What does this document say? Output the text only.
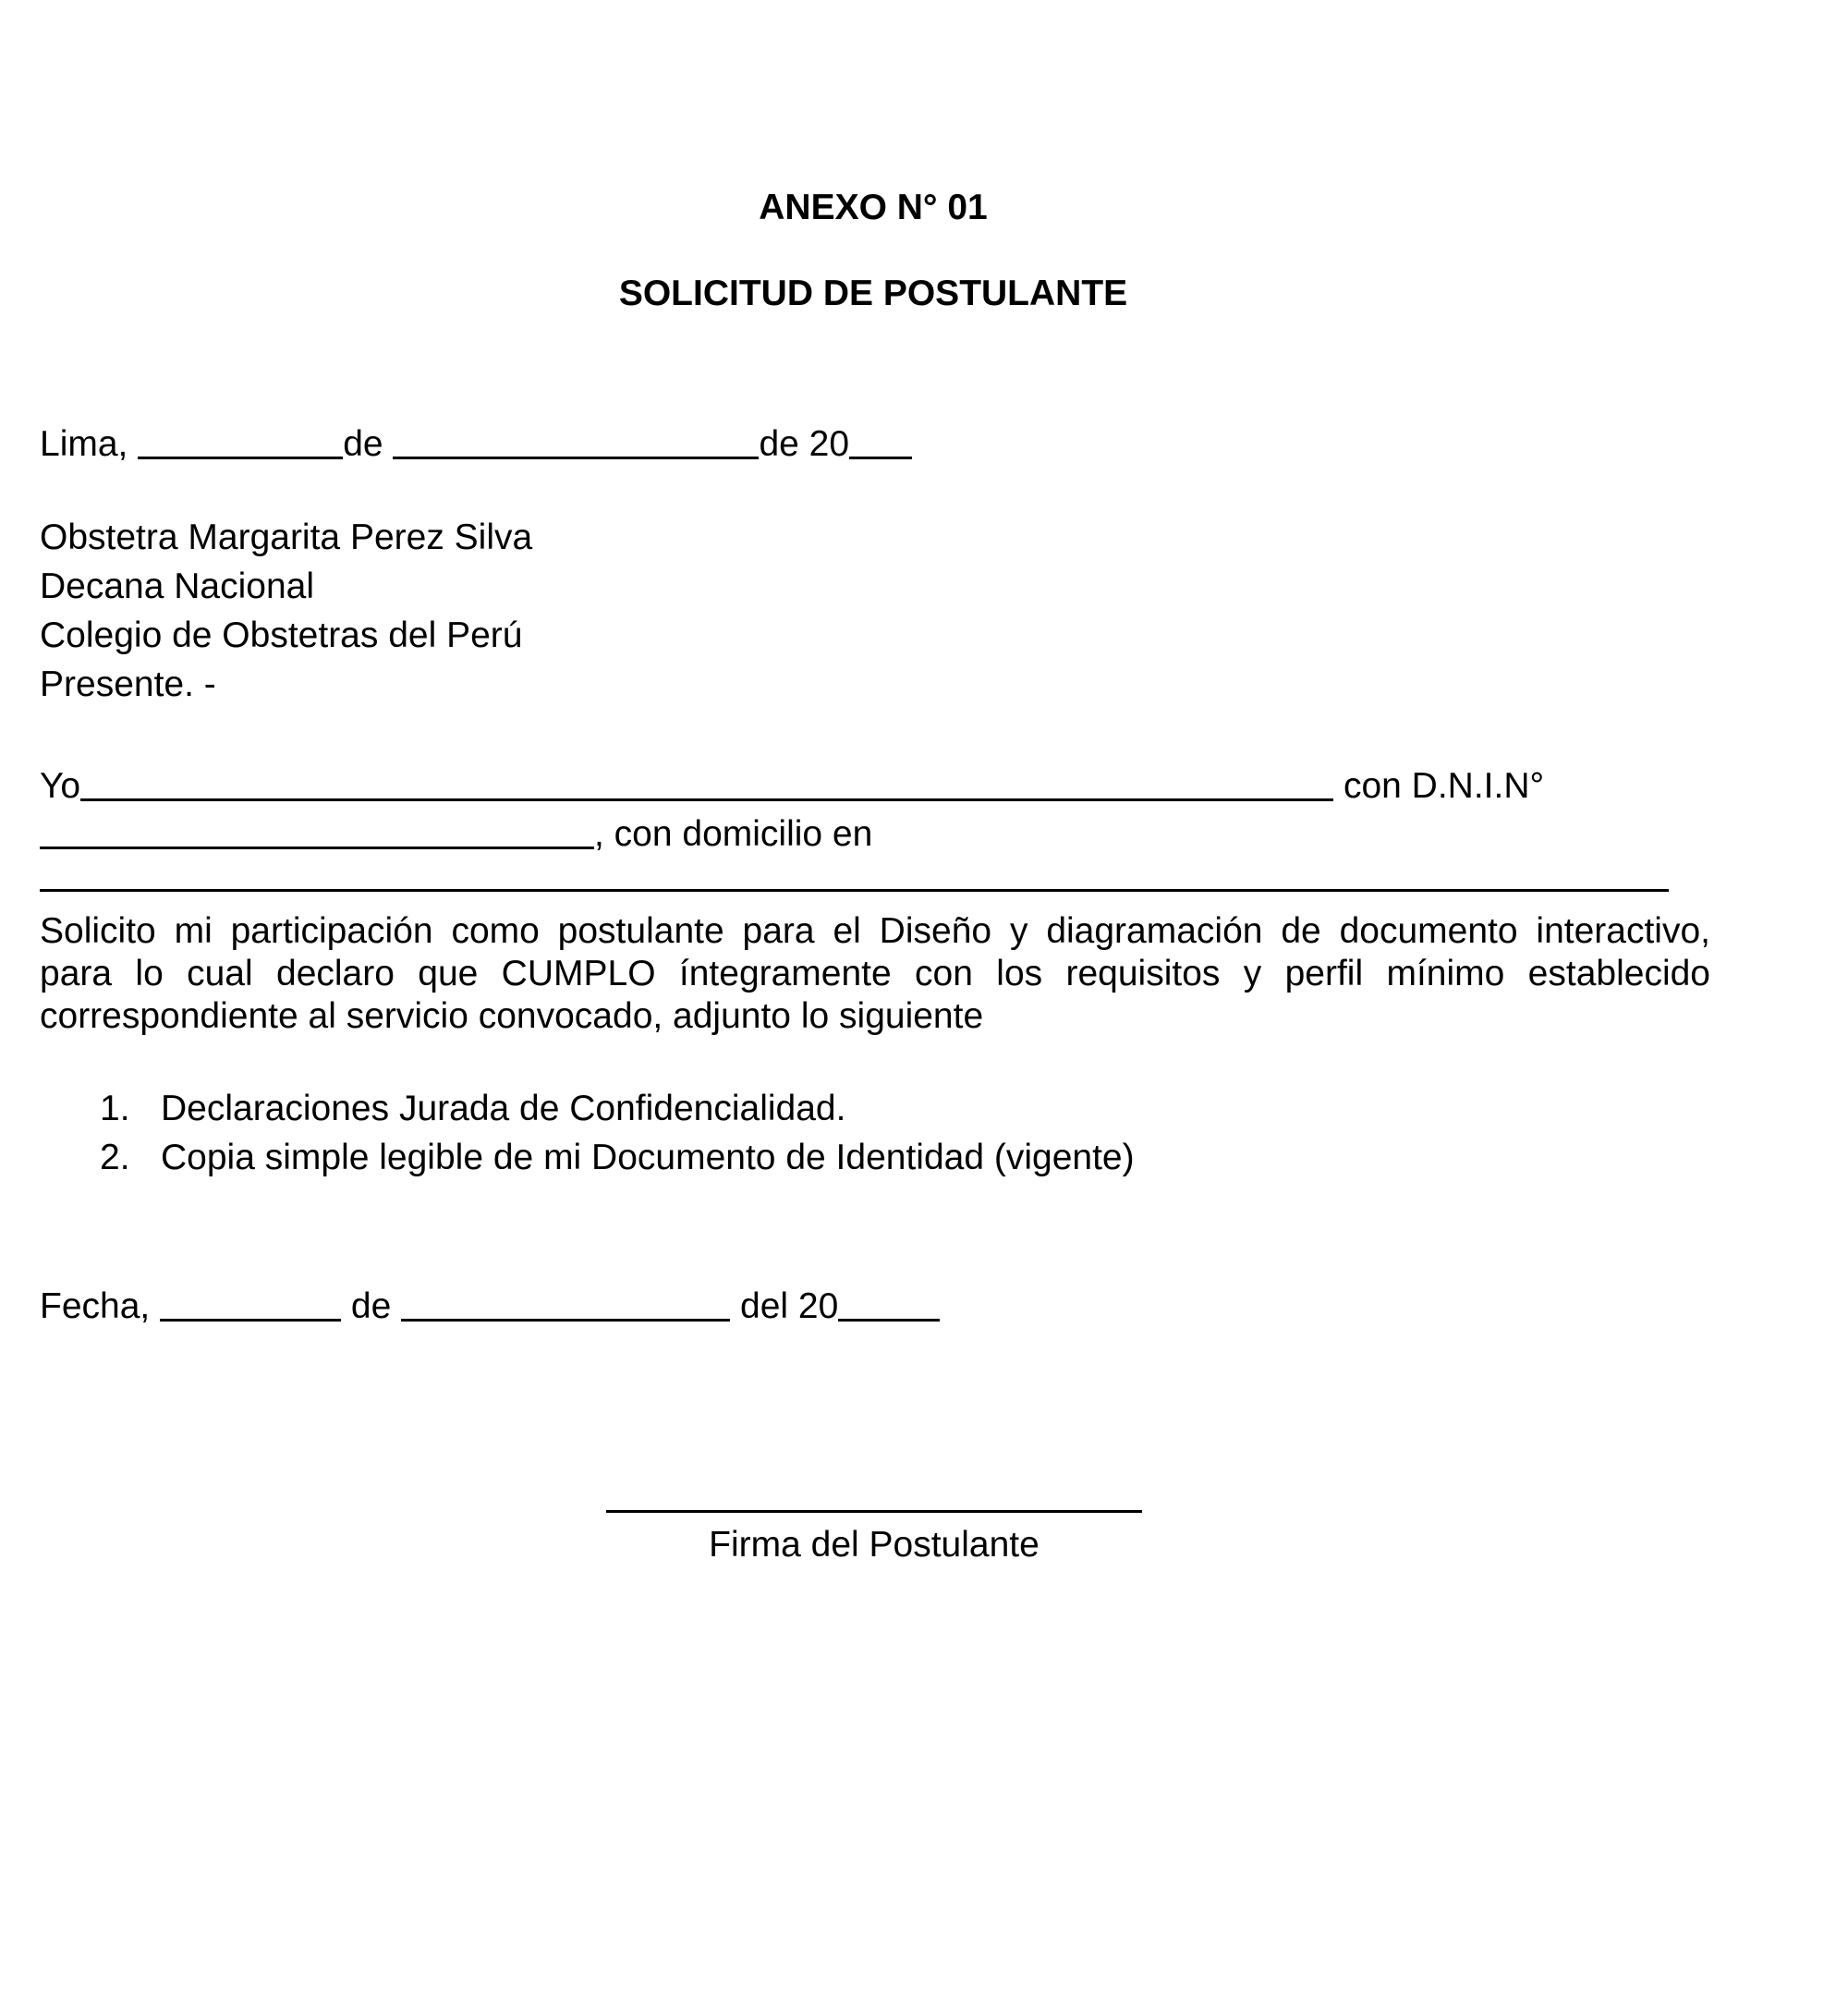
ANEXO N° 01
SOLICITUD DE POSTULANTE
Lima,	de	de 20
Obstetra Margarita Perez Silva
Decana Nacional
Colegio de Obstetras del Perú
Presente. -
Yo	con D.N.I.N°
, con domicilio en
Solicito mi participación como postulante para el Diseño y diagramación de documento interactivo,
para lo cual declaro que CUMPLO íntegramente con los requisitos y perfil mínimo establecido
correspondiente al servicio convocado, adjunto lo siguiente
1. Declaraciones Jurada de Confidencialidad.
2. Copia simple legible de mi Documento de Identidad (vigente)
Fecha,	de	del 20
Firma del Postulante
